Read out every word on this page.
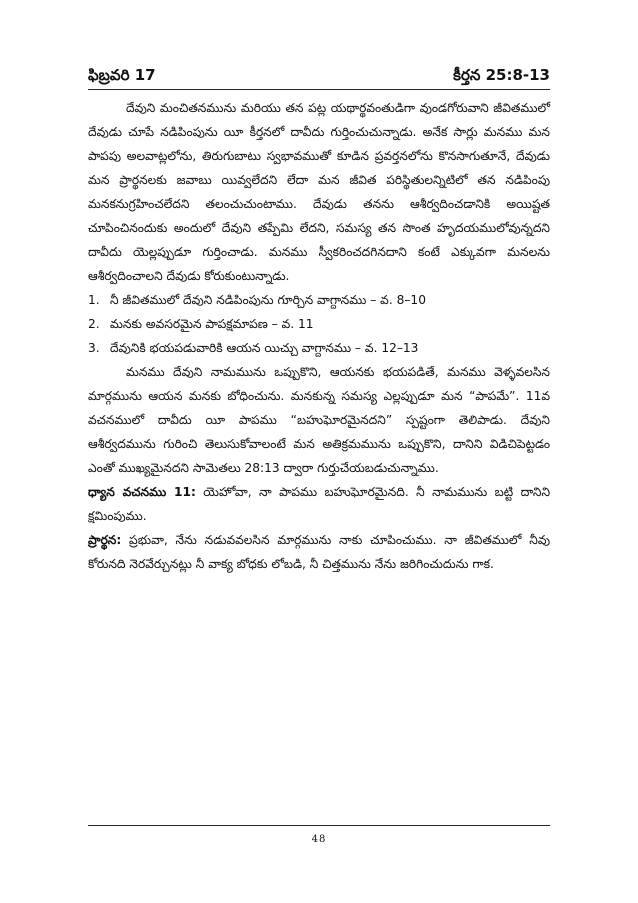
ఫిబ్రవరి 17	కీర్తన 25:8-13

దేవుని మంచితనమును మరియు తన పట్ల యథార్థవంతుడిగా వుండగోరువాని జీవితములో దేవుడు చూపే నడిపింపును యీ కీర్తనలో దావీదు గుర్తించుచున్నాడు. అనేక సార్లు మనము మన పాపపు అలవాట్లలోను, తిరుగుబాటు స్వభావముతో కూడిన ప్రవర్తనలోను కొనసాగుతూనే, దేవుడు మన ప్రార్థనలకు జవాబు యివ్వలేదని లేదా మన జీవిత పరిస్థితులన్నిటిలో తన నడిపింపు మనకనుగ్రహించలేదని తలంచుచుంటాము. దేవుడు తనను ఆశీర్వదించడానికి అయిష్టత చూపించినందుకు అందులో దేవుని తప్పేమి లేదని, సమస్య తన సొంత హృదయములోవున్నదని దావీదు యెల్లప్పుడూ గుర్తించాడు. మనము స్వీకరించదగినదాని కంటే ఎక్కువగా మనలను ఆశీర్వదించాలని దేవుడు కోరుకుంటున్నాడు.

1. నీ జీవితములో దేవుని నడిపింపును గూర్చిన వాగ్దానము – వ. 8–10
2. మనకు అవసరమైన పాపక్షమాపణ – వ. 11
3. దేవునికి భయపడువారికి ఆయన యిచ్చు వాగ్దానము – వ. 12–13

మనము దేవుని నామమును ఒప్పుకొని, ఆయనకు భయపడితే, మనము వెళ్ళవలసిన మార్గమును ఆయన మనకు బోధించును. మనకున్న సమస్య ఎల్లప్పుడూ మన “పాపమే”. 11వ వచనములో దావీదు యీ పాపము “బహుఘోరమైనదని” స్పష్టంగా తెలిపాడు. దేవుని ఆశీర్వదమును గురించి తెలుసుకోవాలంటే మన అతిక్రమమును ఒప్పుకొని, దానిని విడిచిపెట్టడం ఎంతో ముఖ్యమైనదని సామెతలు 28:13 ద్వారా గుర్తుచేయబడుచున్నాము.

ధ్యాన వచనము 11: యెహోవా, నా పాపము బహుఘోరమైనది. నీ నామమును బట్టి దానిని క్షమింపుము.

ప్రార్థన: ప్రభువా, నేను నడువవలసిన మార్గమును నాకు చూపించుము. నా జీవితములో నీవు కోరునది నెరవేర్చునట్లు నీ వాక్య బోధకు లోబడి, నీ చిత్తమును నేను జరిగించుదును గాక.

48
